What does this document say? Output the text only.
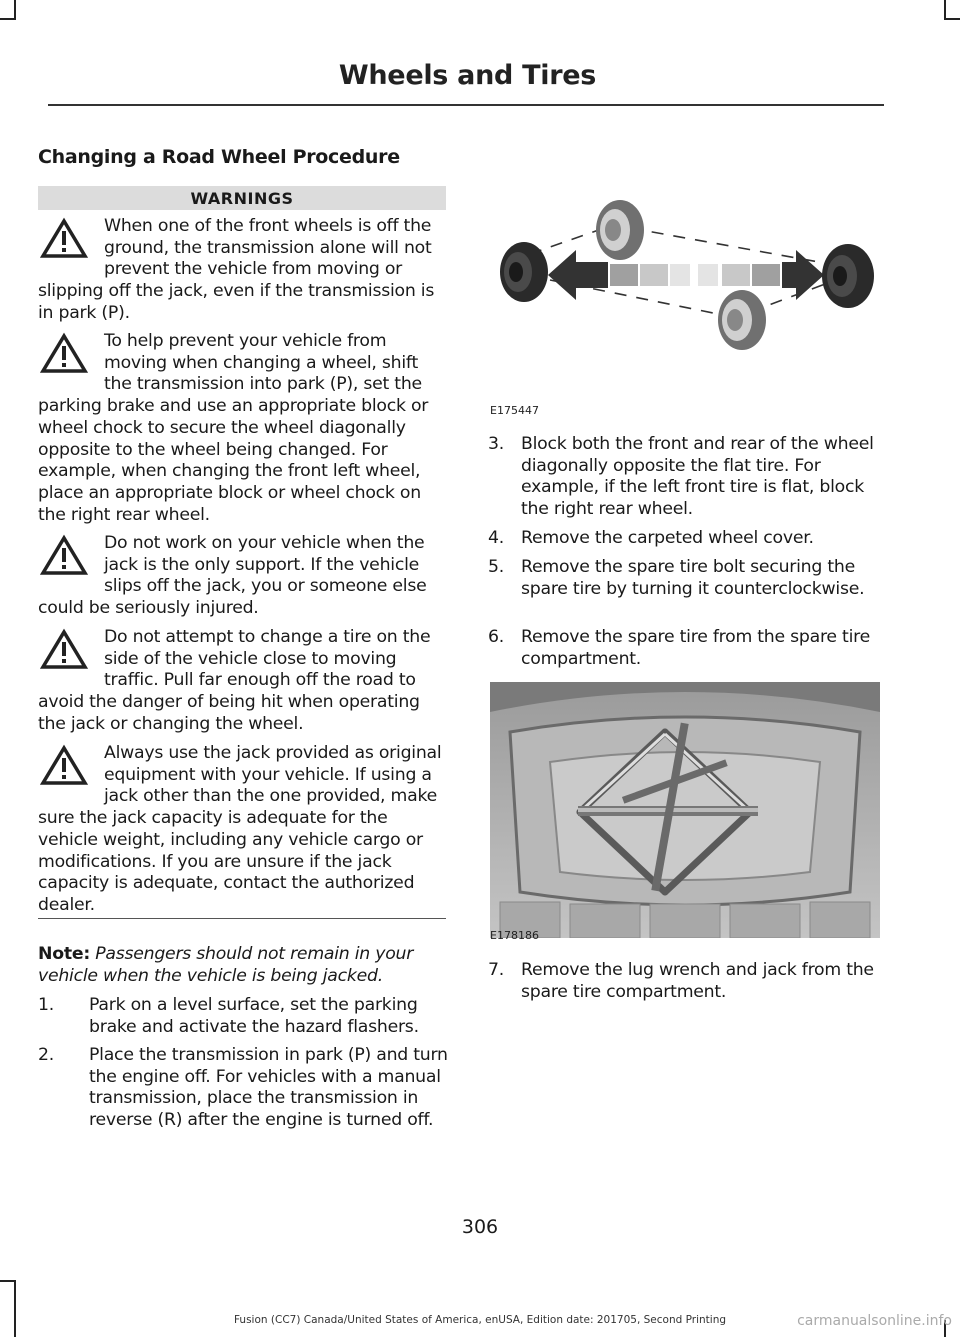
Wheels and Tires
Changing a Road Wheel Procedure
WARNINGS
When one of the front wheels is off the ground, the transmission alone will not prevent the vehicle from moving or slipping off the jack, even if the transmission is in park (P).
To help prevent your vehicle from moving when changing a wheel, shift the transmission into park (P), set the parking brake and use an appropriate block or wheel chock to secure the wheel diagonally opposite to the wheel being changed. For example, when changing the front left wheel, place an appropriate block or wheel chock on the right rear wheel.
Do not work on your vehicle when the jack is the only support. If the vehicle slips off the jack, you or someone else could be seriously injured.
Do not attempt to change a tire on the side of the vehicle close to moving traffic. Pull far enough off the road to avoid the danger of being hit when operating the jack or changing the wheel.
Always use the jack provided as original equipment with your vehicle. If using a jack other than the one provided, make sure the jack capacity is adequate for the vehicle weight, including any vehicle cargo or modifications. If you are unsure if the jack capacity is adequate, contact the authorized dealer.
Note: Passengers should not remain in your vehicle when the vehicle is being jacked.
1.	Park on a level surface, set the parking brake and activate the hazard flashers.
2.	Place the transmission in park (P) and turn the engine off. For vehicles with a manual transmission, place the transmission in reverse (R) after the engine is turned off.
E175447
3. Block both the front and rear of the wheel diagonally opposite the flat tire. For example, if the left front tire is flat, block the right rear wheel.
4. Remove the carpeted wheel cover.
5. Remove the spare tire bolt securing the spare tire by turning it counterclockwise.
6. Remove the spare tire from the spare tire compartment.
E178186
7. Remove the lug wrench and jack from the spare tire compartment.
306
Fusion (CC7) Canada/United States of America, enUSA, Edition date: 201705, Second Printing	carmanualsonline.info
